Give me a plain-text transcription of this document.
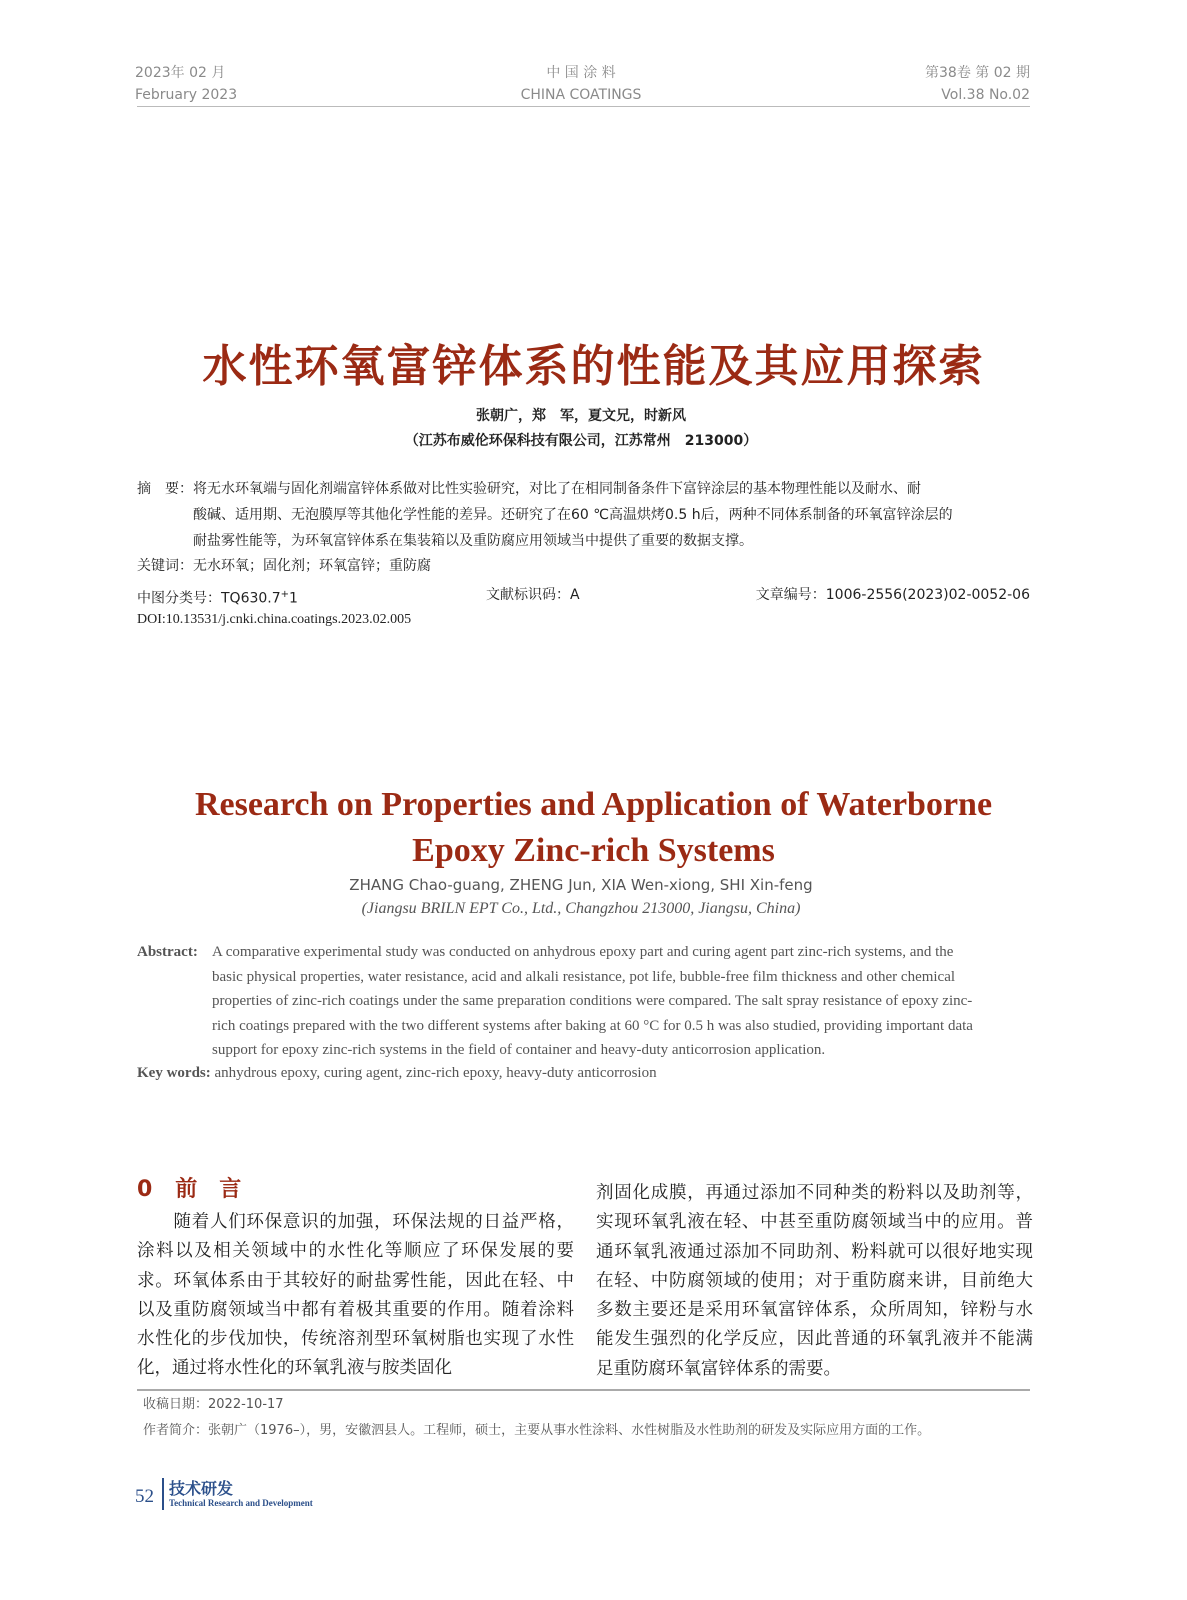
2023年 02 月
February 2023
中 国 涂 料
CHINA COATINGS
第38卷 第 02 期
Vol.38 No.02
水性环氧富锌体系的性能及其应用探索
张朝广，郑　军，夏文兄，时新风
（江苏布威伦环保科技有限公司，江苏常州　213000）
摘　要： 将无水环氧端与固化剂端富锌体系做对比性实验研究，对比了在相同制备条件下富锌涂层的基本物理性能以及耐水、耐
酸碱、适用期、无泡膜厚等其他化学性能的差异。还研究了在60 ℃高温烘烤0.5 h后，两种不同体系制备的环氧富锌涂层的
耐盐雾性能等，为环氧富锌体系在集装箱以及重防腐应用领域当中提供了重要的数据支撑。
关键词：无水环氧；固化剂；环氧富锌；重防腐
中图分类号：TQ630.7+1	文献标识码：A	文章编号：1006-2556(2023)02-0052-06
DOI:10.13531/j.cnki.china.coatings.2023.02.005
Research on Properties and Application of Waterborne
Epoxy Zinc-rich Systems
ZHANG Chao-guang, ZHENG Jun, XIA Wen-xiong, SHI Xin-feng
(Jiangsu BRILN EPT Co., Ltd., Changzhou 213000, Jiangsu, China)
Abstract: A comparative experimental study was conducted on anhydrous epoxy part and curing agent part zinc-rich systems, and the
basic physical properties, water resistance, acid and alkali resistance, pot life, bubble-free film thickness and other chemical
properties of zinc-rich coatings under the same preparation conditions were compared. The salt spray resistance of epoxy zinc-
rich coatings prepared with the two different systems after baking at 60 °C for 0.5 h was also studied, providing important data
support for epoxy zinc-rich systems in the field of container and heavy-duty anticorrosion application.
Key words: anhydrous epoxy, curing agent, zinc-rich epoxy, heavy-duty anticorrosion
0 前　言
　　随着人们环保意识的加强，环保法规的日益严格，涂料以及相关领域中的水性化等顺应了环保发展的要求。环氧体系由于其较好的耐盐雾性能，因此在轻、中以及重防腐领域当中都有着极其重要的作用。随着涂料水性化的步伐加快，传统溶剂型环氧树脂也实现了水性化，通过将水性化的环氧乳液与胺类固化
剂固化成膜，再通过添加不同种类的粉料以及助剂等，实现环氧乳液在轻、中甚至重防腐领域当中的应用。普通环氧乳液通过添加不同助剂、粉料就可以很好地实现在轻、中防腐领域的使用；对于重防腐来讲，目前绝大多数主要还是采用环氧富锌体系，众所周知，锌粉与水能发生强烈的化学反应，因此普通的环氧乳液并不能满足重防腐环氧富锌体系的需要。
收稿日期：2022-10-17
作者简介：张朝广（1976–），男，安徽泗县人。工程师，硕士，主要从事水性涂料、水性树脂及水性助剂的研发及实际应用方面的工作。
52 技术研发
Technical Research and Development
